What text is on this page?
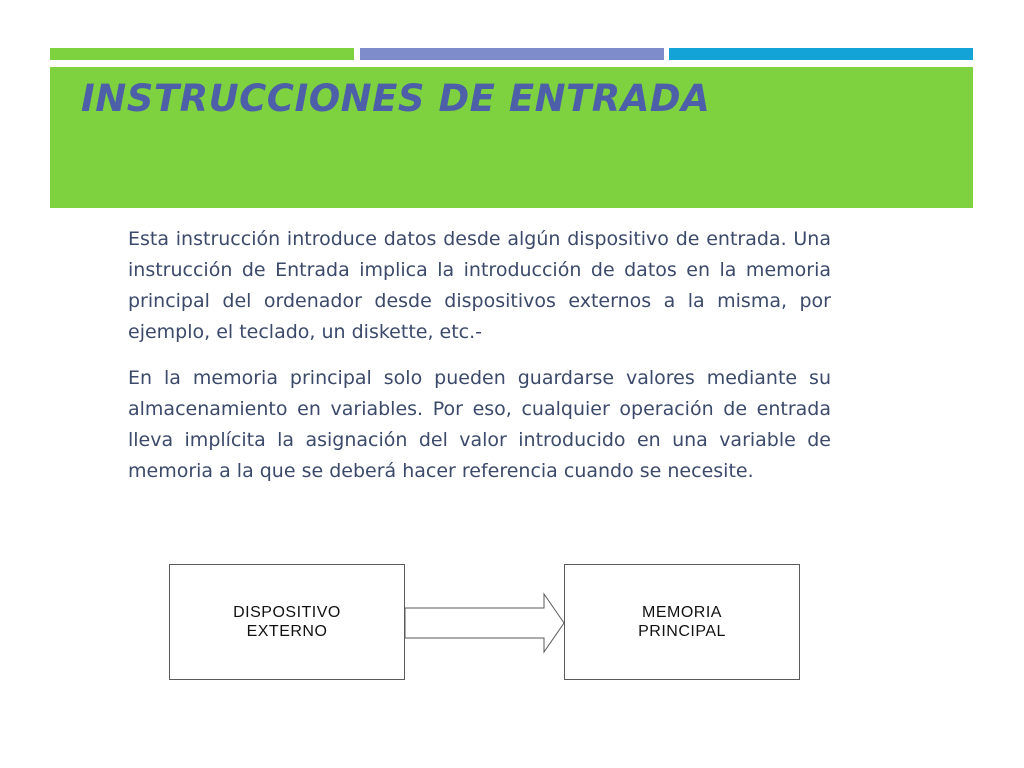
INSTRUCCIONES DE ENTRADA

Esta instrucción introduce datos desde algún dispositivo de entrada. Una instrucción de Entrada implica la introducción de datos en la memoria principal del ordenador desde dispositivos externos a la misma, por ejemplo, el teclado, un diskette, etc.-

En la memoria principal solo pueden guardarse valores mediante su almacenamiento en variables. Por eso, cualquier operación de entrada lleva implícita la asignación del valor introducido en una variable de memoria a la que se deberá hacer referencia cuando se necesite.

DISPOSITIVO EXTERNO
MEMORIA PRINCIPAL
